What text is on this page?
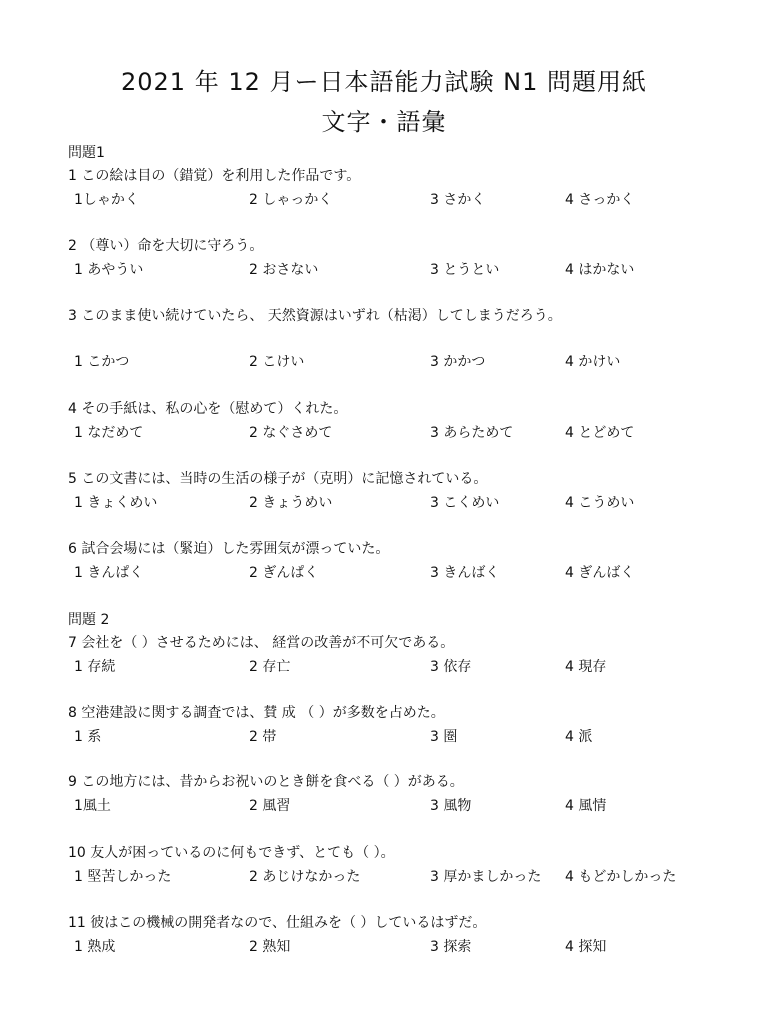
2021 年 12 月ー日本語能力試験 N1 問題用紙
文字・語彙
問題1
1 この絵は目の（錯覚）を利用した作品です。
1しゃかく	2 しゃっかく	3 さかく	4 さっかく
2 （尊い）命を大切に守ろう。
1 あやうい	2 おさない	3 とうとい	4 はかない
3 このまま使い続けていたら、 天然資源はいずれ（枯渇）してしまうだろう。
1 こかつ	2 こけい	3 かかつ	4 かけい
4 その手紙は、私の心を（慰めて）くれた。
1 なだめて	2 なぐさめて	3 あらためて	4 とどめて
5 この文書には、当時の生活の様子が（克明）に記憶されている。
1 きょくめい	2 きょうめい	3 こくめい	4 こうめい
6 試合会場には（緊迫）した雰囲気が漂っていた。
1 きんぱく	2 ぎんぱく	3 きんばく	4 ぎんばく
問題 2
7 会社を（ ）させるためには、 経営の改善が不可欠である。
1 存続	2 存亡	3 依存	4 現存
8 空港建設に関する調査では、賛 成 （ ）が多数を占めた。
1 系	2 帯	3 圏	4 派
9 この地方には、昔からお祝いのとき餅を食べる（ ）がある。
1風土	2 風習	3 風物	4 風情
10 友人が困っているのに何もできず、とても（ ）。
1 堅苦しかった	2 あじけなかった	3 厚かましかった 4 もどかしかった
11 彼はこの機械の開発者なので、仕組みを（ ）しているはずだ。
1 熟成	2 熟知	3 探索	4 探知
